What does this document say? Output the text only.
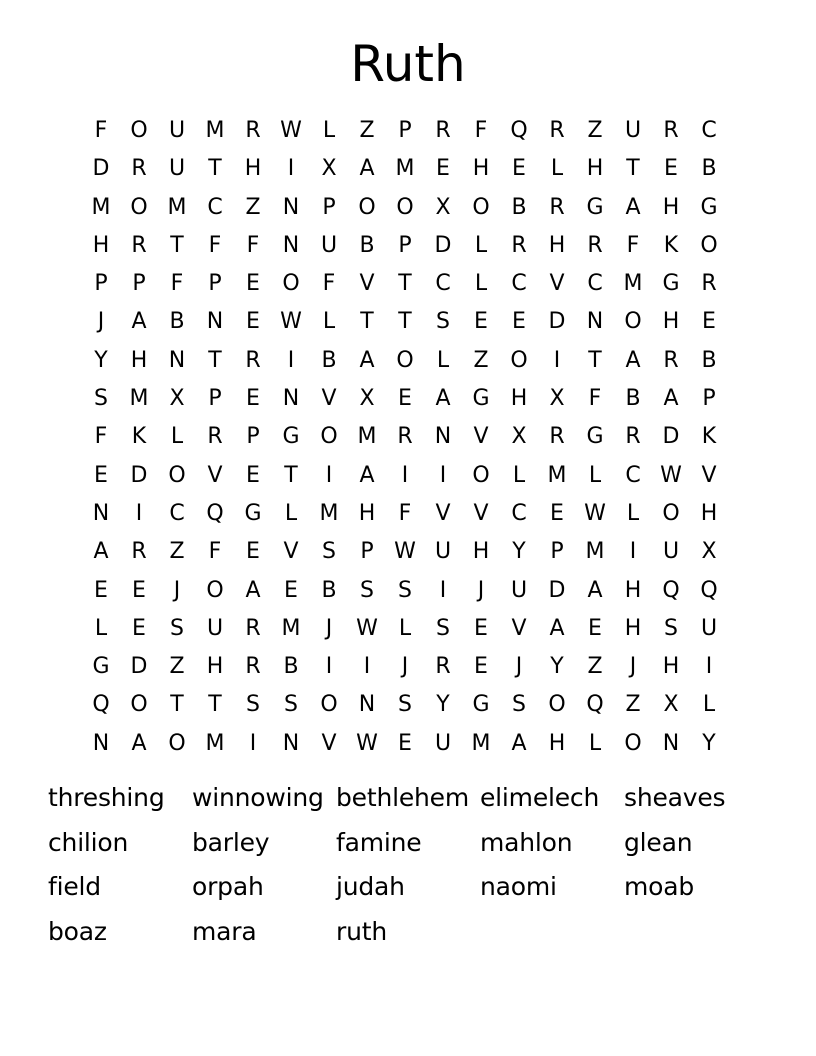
Ruth
F	O U M R W L	Z	P	R	F	Q R	Z	U	R	C
D R	U	T	H	I	X	A M E	H	E	L	H	T	E	B
M O M C	Z	N	P	O O X O B	R G A	H G
H	R	T	F	F	N U	B	P	D	L	R	H	R	F	K	O
P	P	F	P	E	O	F	V	T	C	L	C	V	C M G R
J	A	B	N	E W L	T	T	S	E	E	D N O H	E
Y	H N	T	R	I	B	A O	L	Z O	I	T	A	R	B
S M X	P	E	N	V	X	E	A G H	X	F	B	A	P
F	K	L	R	P	G O M R	N	V	X	R G R D	K
E	D O V	E	T	I	A	I	I	O	L	M	L	C W V
N	I	C Q G	L	M H	F	V	V	C	E W L	O H
A	R	Z	F	E	V	S	P W U H	Y	P M	I	U	X
E	E	J	O A	E	B	S	S	I	J	U D	A	H Q Q
L	E	S	U	R M	J	W L	S	E	V	A	E	H	S	U
G D Z	H	R	B	I	I	J	R	E	J	Y	Z	J	H	I
Q O	T	T	S	S	O N	S	Y	G	S	O Q Z	X	L
N	A O M	I	N	V W E	U M A	H	L	O N	Y
threshing	winnowing bethlehem elimelech sheaves
chilion	barley	famine	mahlon	glean
field	orpah	judah	naomi	moab
boaz	mara	ruth
